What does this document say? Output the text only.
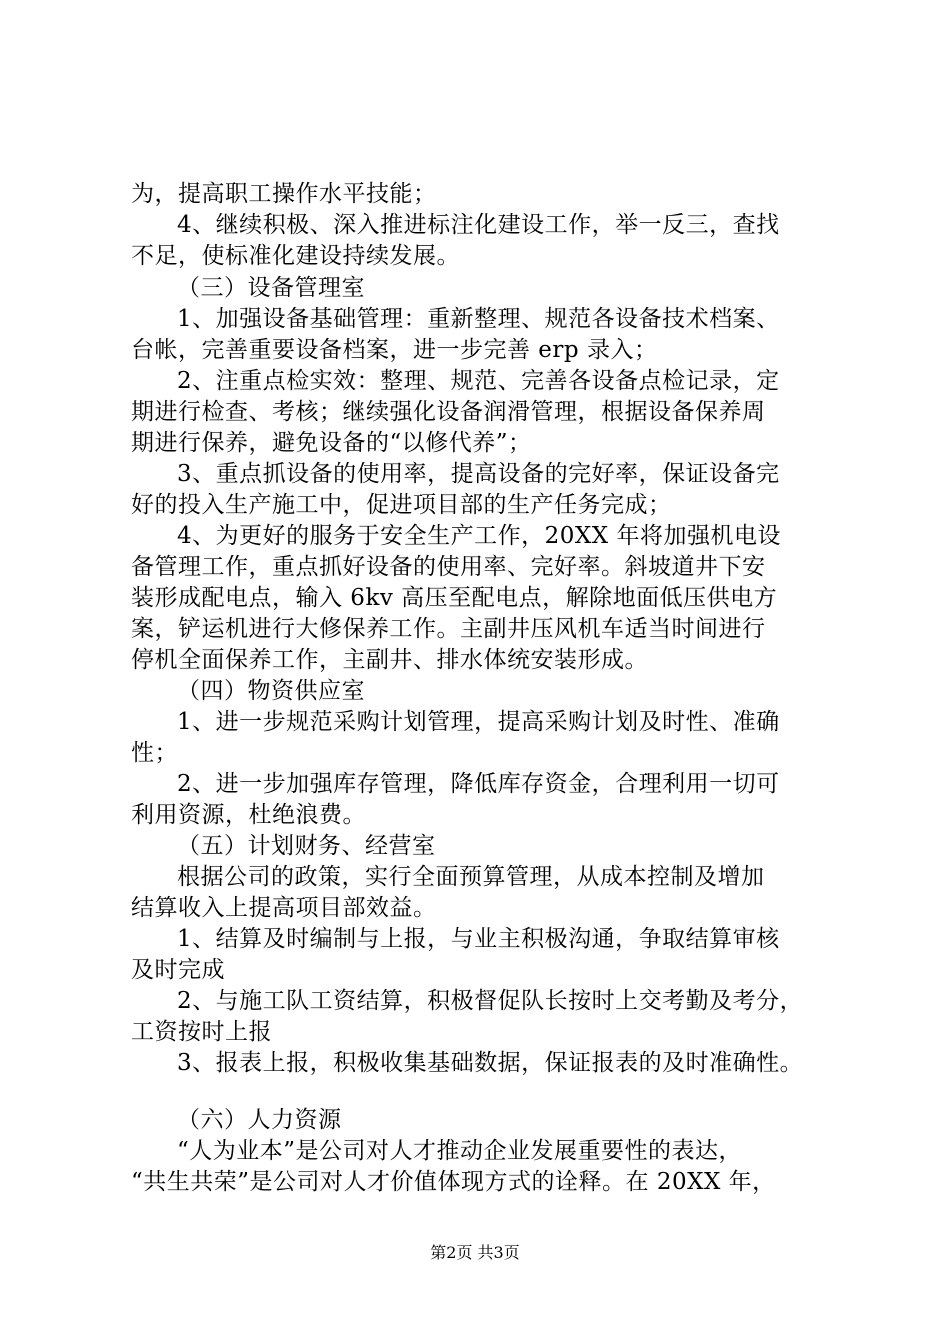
为，提高职工操作水平技能；
4、继续积极、深入推进标注化建设工作，举一反三，查找
不足，使标准化建设持续发展。
（三）设备管理室
1、加强设备基础管理：重新整理、规范各设备技术档案、
台帐，完善重要设备档案，进一步完善 erp 录入；
2、注重点检实效：整理、规范、完善各设备点检记录，定
期进行检查、考核；继续强化设备润滑管理，根据设备保养周
期进行保养，避免设备的“以修代养”；
3、重点抓设备的使用率，提高设备的完好率，保证设备完
好的投入生产施工中，促进项目部的生产任务完成；
4、为更好的服务于安全生产工作，20XX 年将加强机电设
备管理工作，重点抓好设备的使用率、完好率。斜坡道井下安
装形成配电点，输入 6kv 高压至配电点，解除地面低压供电方
案，铲运机进行大修保养工作。主副井压风机车适当时间进行
停机全面保养工作，主副井、排水体统安装形成。
（四）物资供应室
1、进一步规范采购计划管理，提高采购计划及时性、准确
性；
2、进一步加强库存管理，降低库存资金，合理利用一切可
利用资源，杜绝浪费。
（五）计划财务、经营室
根据公司的政策，实行全面预算管理，从成本控制及增加
结算收入上提高项目部效益。
1、结算及时编制与上报，与业主积极沟通，争取结算审核
及时完成
2、与施工队工资结算，积极督促队长按时上交考勤及考分，
工资按时上报
3、报表上报，积极收集基础数据，保证报表的及时准确性。
（六）人力资源
“人为业本”是公司对人才推动企业发展重要性的表达，
“共生共荣”是公司对人才价值体现方式的诠释。在 20XX 年，
第2页 共3页
